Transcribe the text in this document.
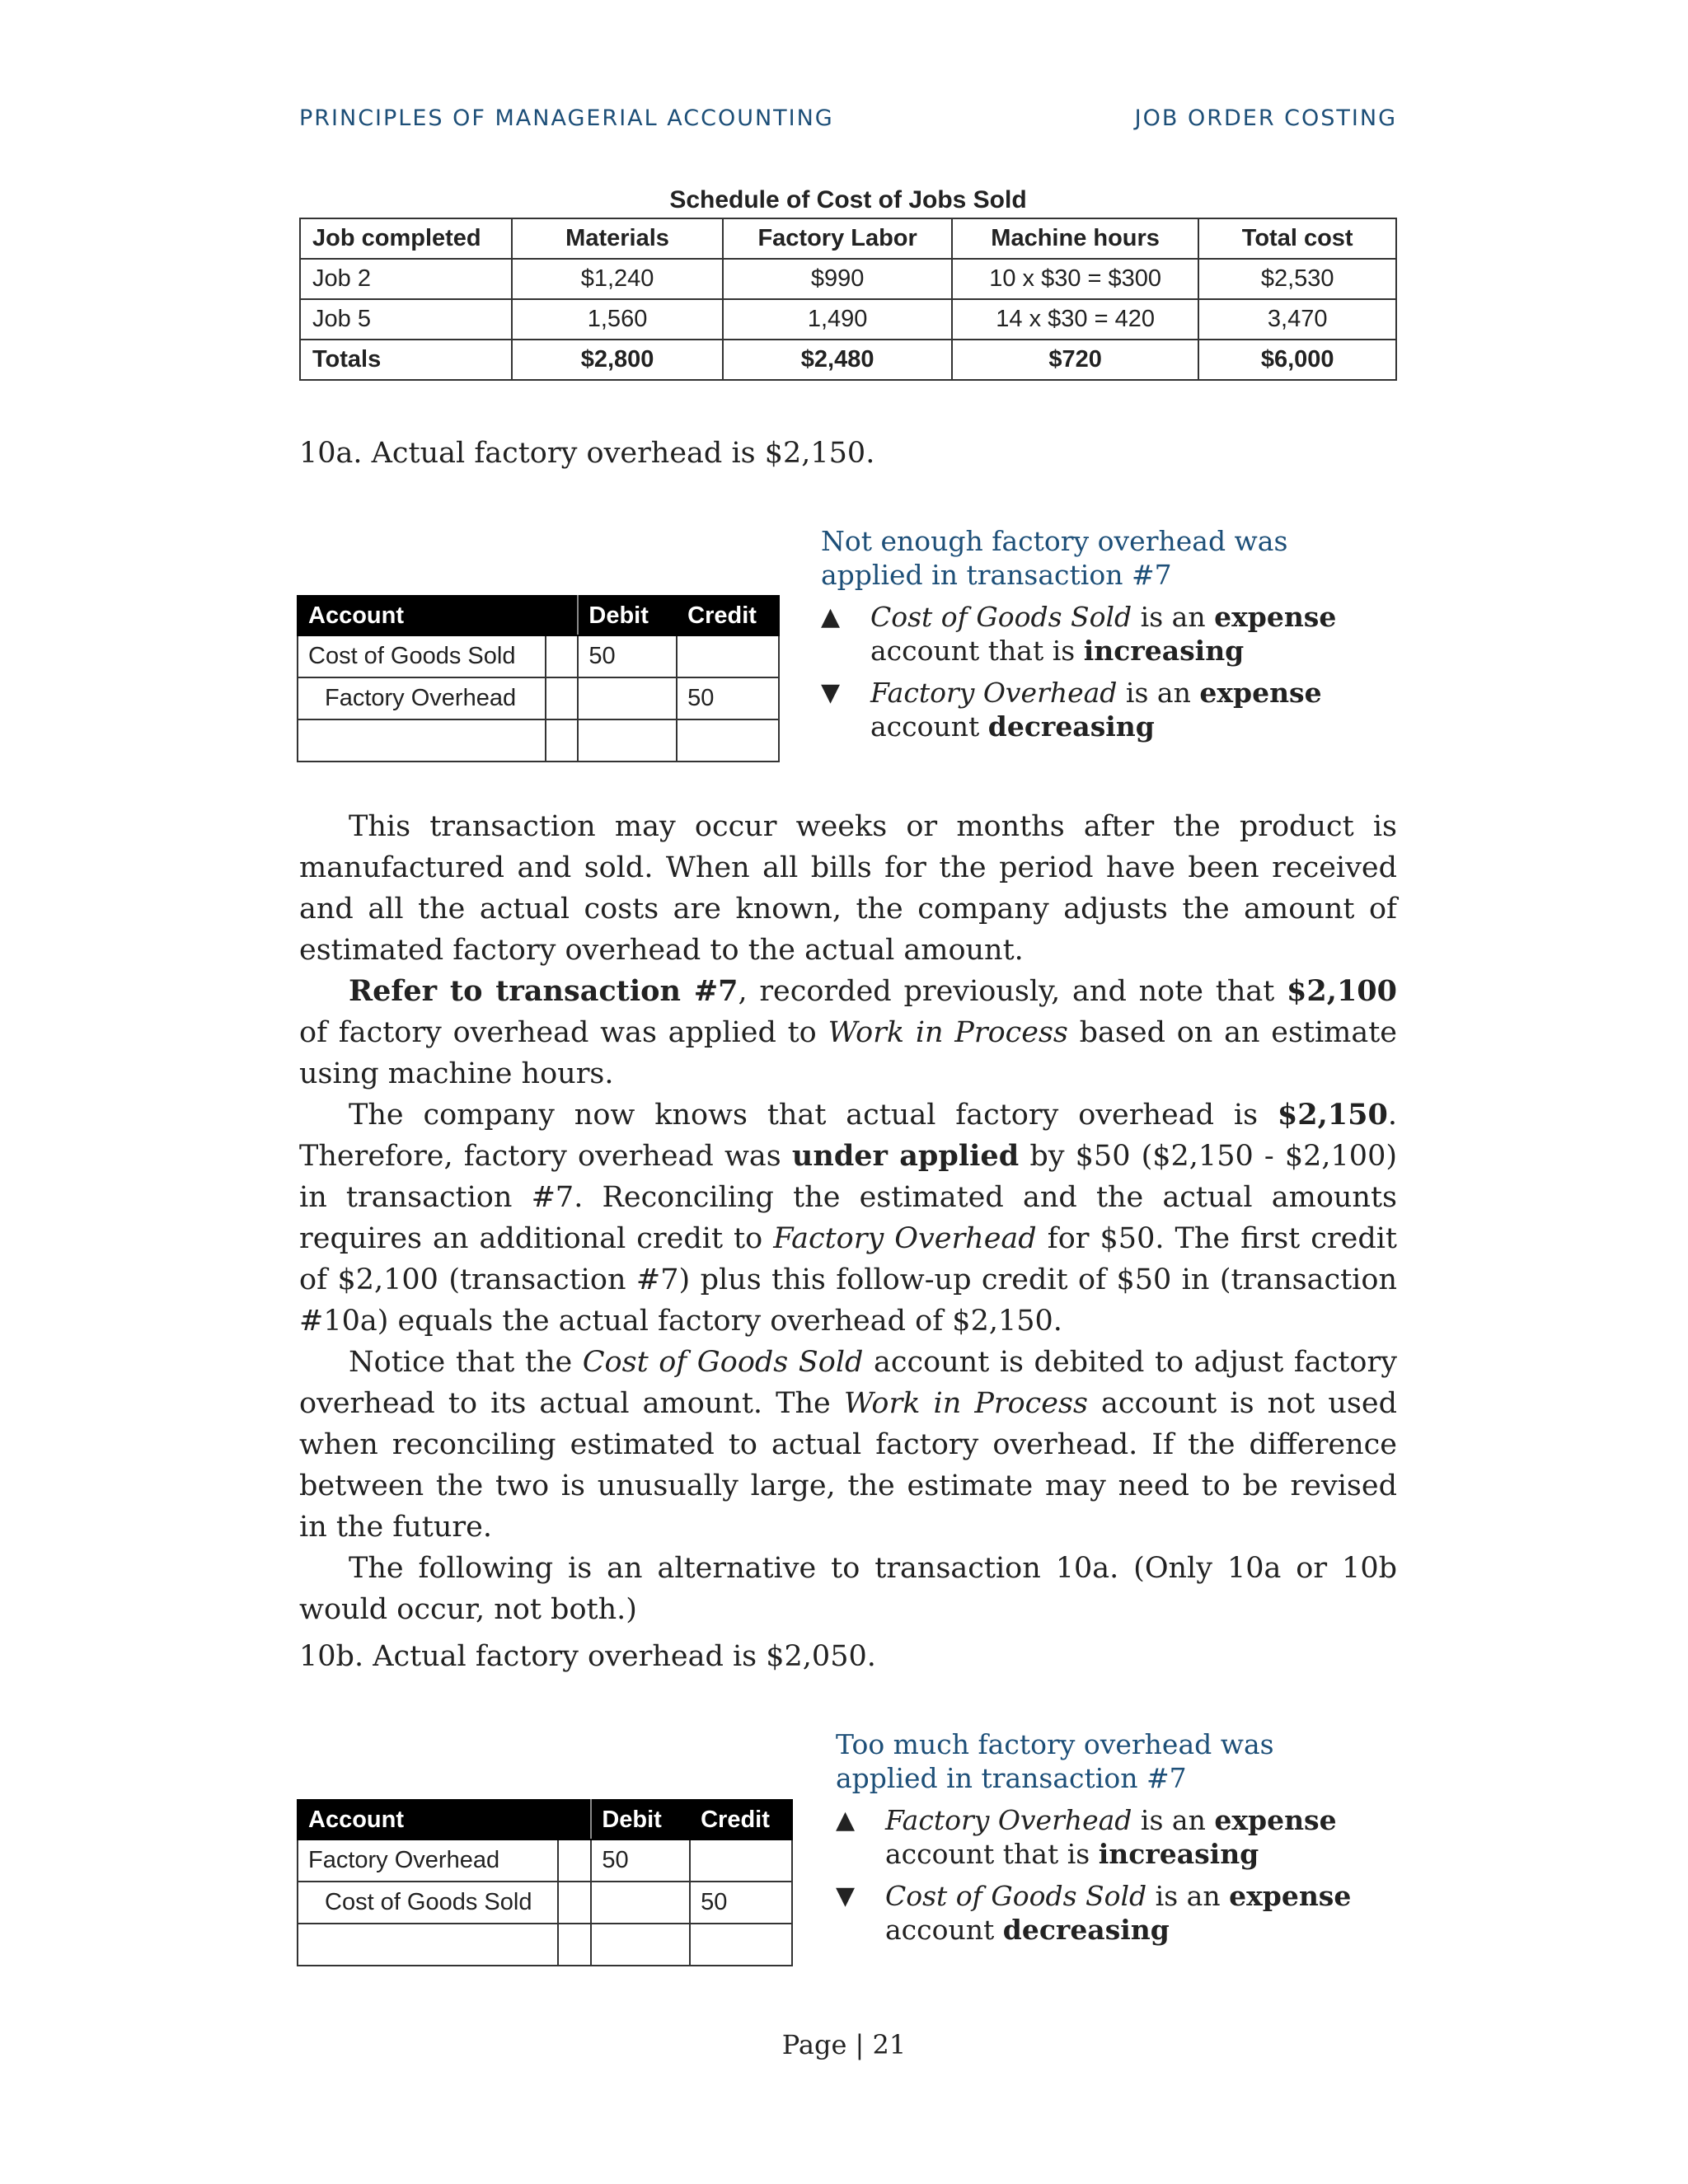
PRINCIPLES OF MANAGERIAL ACCOUNTING	JOB ORDER COSTING
Schedule of Cost of Jobs Sold
Job completed	Materials	Factory Labor	Machine hours	Total cost
Job 2	$1,240	$990	10 x $30 = $300	$2,530
Job 5	1,560	1,490	14 x $30 = 420	3,470
Totals	$2,800	$2,480	$720	$6,000
10a. Actual factory overhead is $2,150.
Account		Debit	Credit
Cost of Goods Sold		50	
Factory Overhead			50

Not enough factory overhead was applied in transaction #7
▲ Cost of Goods Sold is an expense account that is increasing
▼ Factory Overhead is an expense account decreasing

This transaction may occur weeks or months after the product is manufactured and sold. When all bills for the period have been received and all the actual costs are known, the company adjusts the amount of estimated factory overhead to the actual amount.

Refer to transaction #7, recorded previously, and note that $2,100 of factory overhead was applied to Work in Process based on an estimate using machine hours.

The company now knows that actual factory overhead is $2,150. Therefore, factory overhead was under applied by $50 ($2,150 - $2,100) in transaction #7. Reconciling the estimated and the actual amounts requires an additional credit to Factory Overhead for $50. The first credit of $2,100 (transaction #7) plus this follow-up credit of $50 in (transaction #10a) equals the actual factory overhead of $2,150.

Notice that the Cost of Goods Sold account is debited to adjust factory overhead to its actual amount. The Work in Process account is not used when reconciling estimated to actual factory overhead. If the difference between the two is unusually large, the estimate may need to be revised in the future.

The following is an alternative to transaction 10a. (Only 10a or 10b would occur, not both.)

10b. Actual factory overhead is $2,050.
Account		Debit	Credit
Factory Overhead		50	
Cost of Goods Sold			50

Too much factory overhead was applied in transaction #7
▲ Factory Overhead is an expense account that is increasing
▼ Cost of Goods Sold is an expense account decreasing
Page | 21
